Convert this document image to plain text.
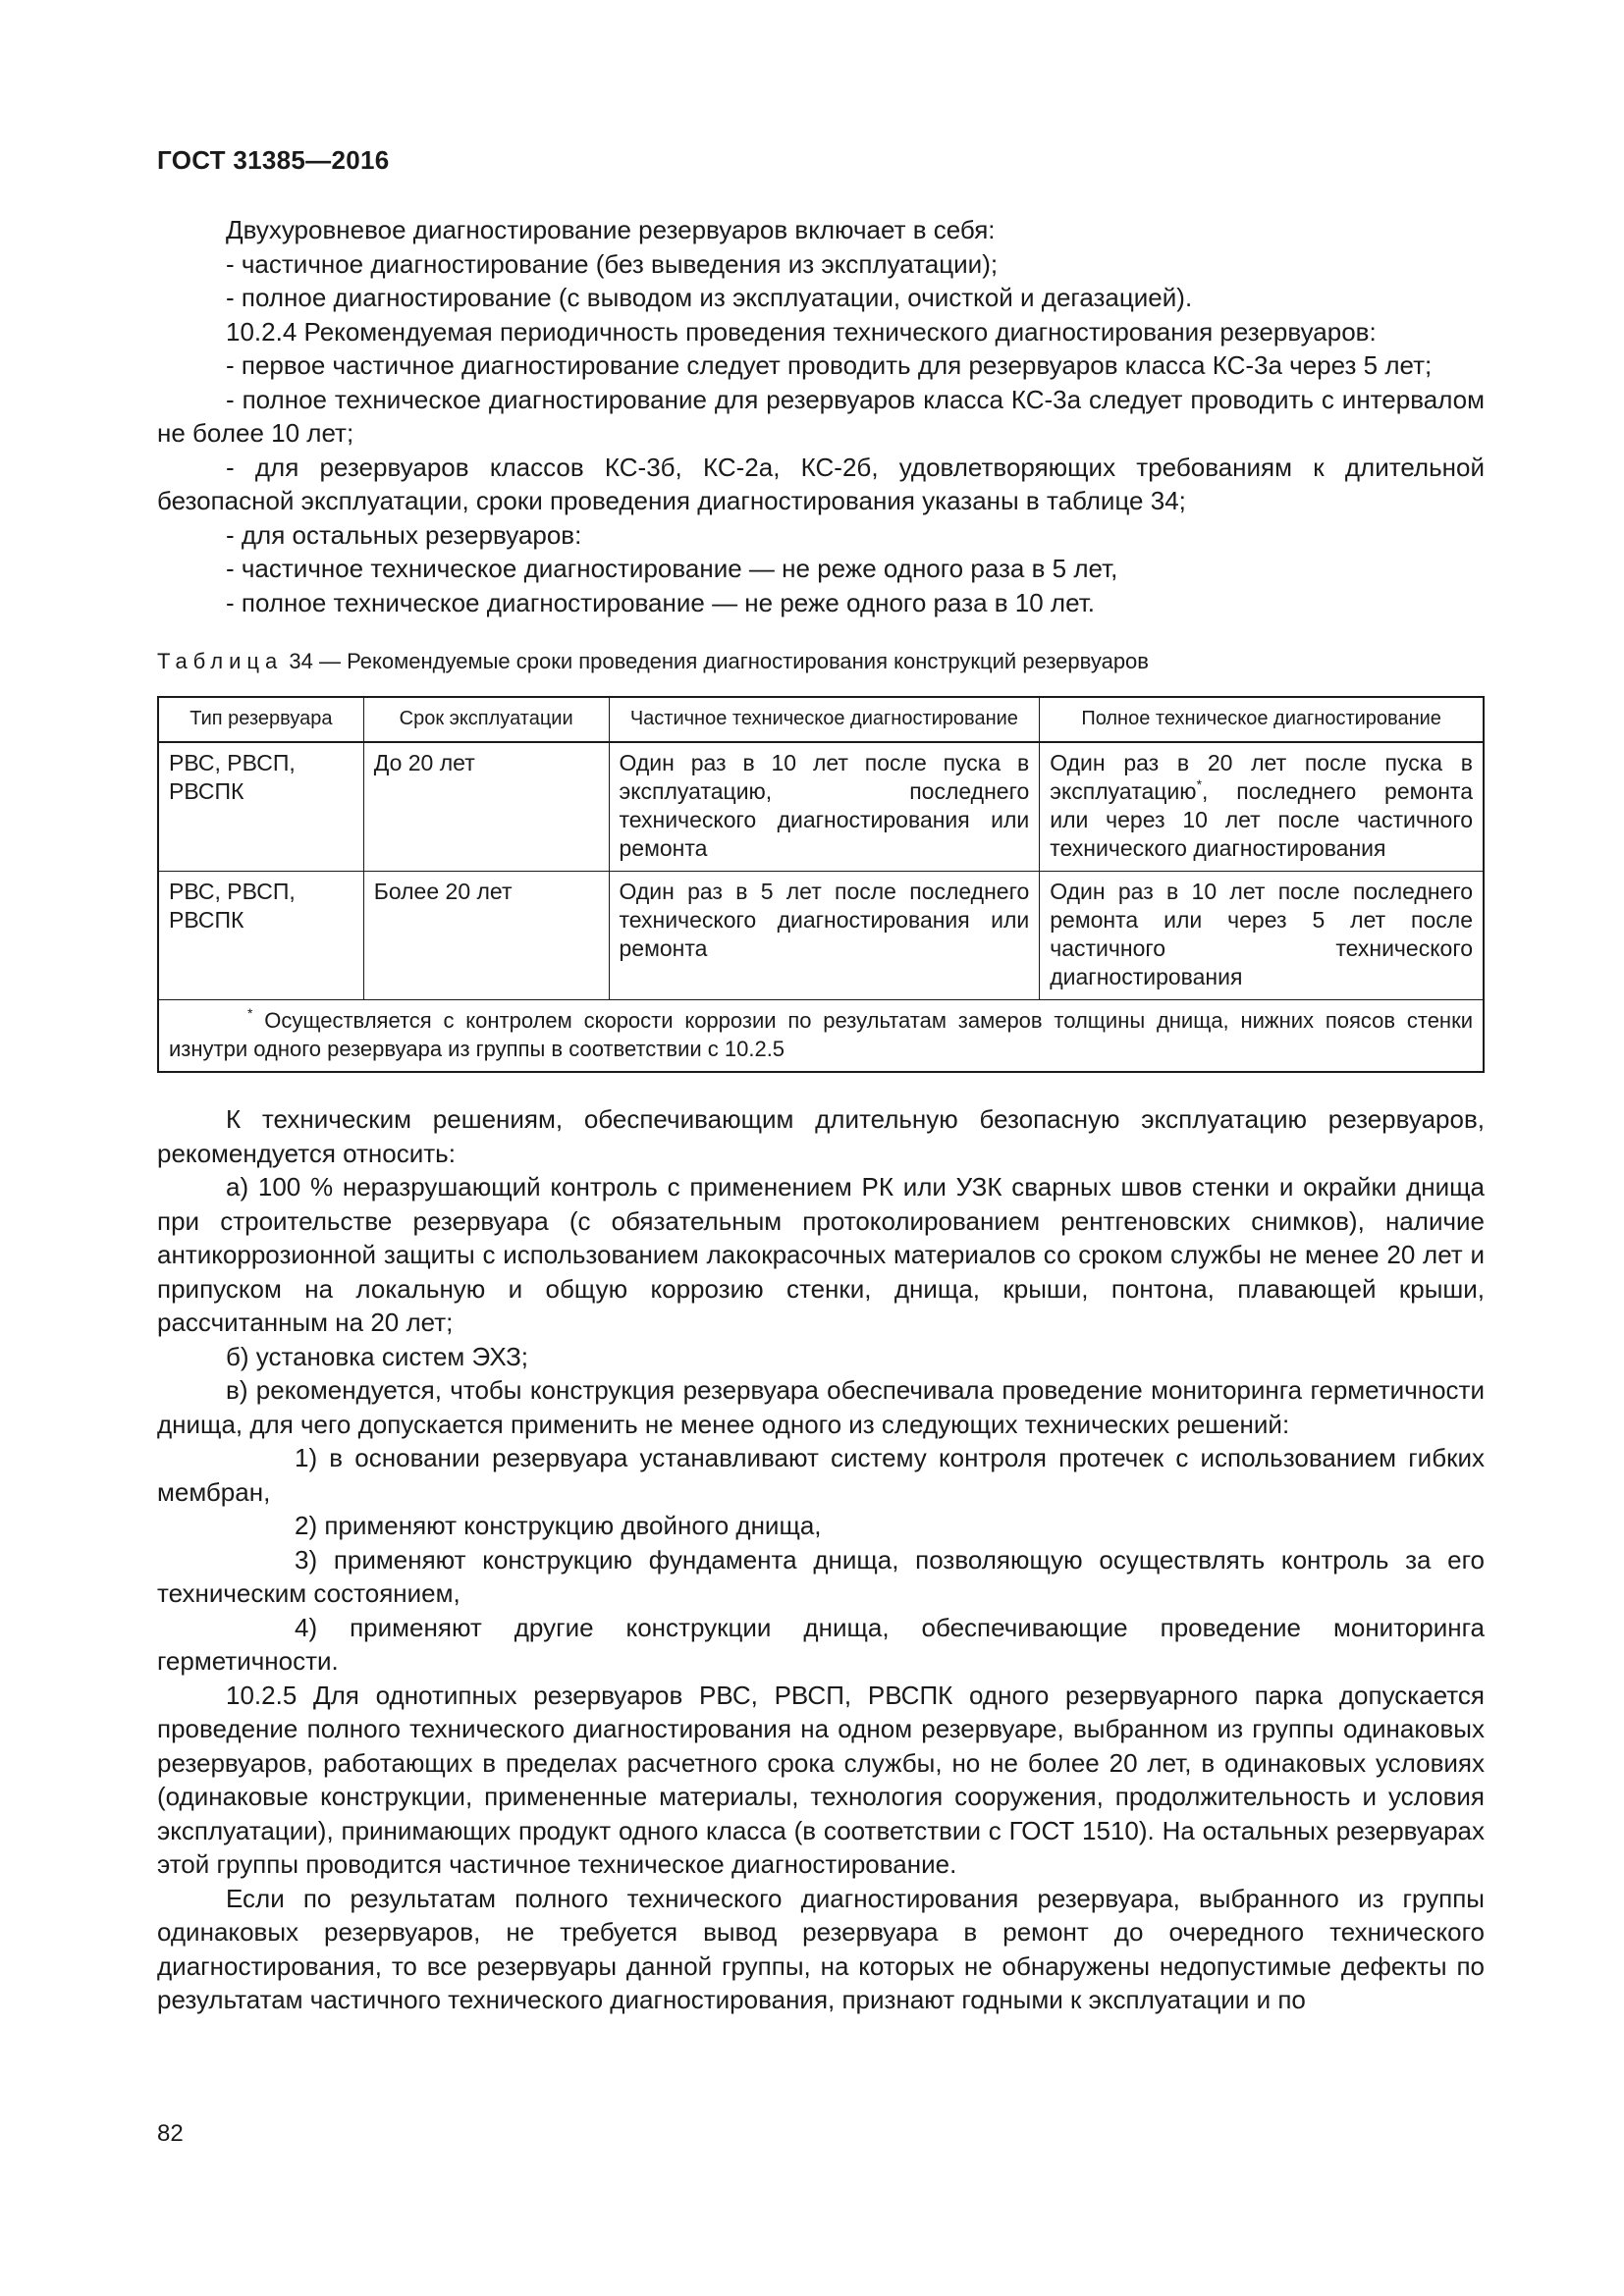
ГОСТ 31385—2016

Двухуровневое диагностирование резервуаров включает в себя:

- частичное диагностирование (без выведения из эксплуатации);

- полное диагностирование (с выводом из эксплуатации, очисткой и дегазацией).

10.2.4 Рекомендуемая периодичность проведения технического диагностирования резервуаров:

- первое частичное диагностирование следует проводить для резервуаров класса КС-3а через 5 лет;

- полное техническое диагностирование для резервуаров класса КС-3а следует проводить с интервалом не более 10 лет;

- для резервуаров классов КС-3б, КС-2а, КС-2б, удовлетворяющих требованиям к длительной безопасной эксплуатации, сроки проведения диагностирования указаны в таблице 34;

- для остальных резервуаров:

- частичное техническое диагностирование — не реже одного раза в 5 лет,

- полное техническое диагностирование — не реже одного раза в 10 лет.

Таблица 34 — Рекомендуемые сроки проведения диагностирования конструкций резервуаров
Тип резервуара	Срок эксплуатации	Частичное техническое диагностирование	Полное техническое диагностирование
РВС, РВСП, РВСПК	До 20 лет	Один раз в 10 лет после пуска в эксплуатацию, последнего технического диагностирования или ремонта	Один раз в 20 лет после пуска в эксплуатацию*, последнего ремонта или через 10 лет после частичного технического диагностирования
РВС, РВСП, РВСПК	Более 20 лет	Один раз в 5 лет после последнего технического диагностирования или ремонта	Один раз в 10 лет после последнего ремонта или через 5 лет после частичного технического диагностирования
* Осуществляется с контролем скорости коррозии по результатам замеров толщины днища, нижних поясов стенки изнутри одного резервуара из группы в соответствии с 10.2.5			

К техническим решениям, обеспечивающим длительную безопасную эксплуатацию резервуаров, рекомендуется относить:

а) 100 % неразрушающий контроль с применением РК или УЗК сварных швов стенки и окрайки днища при строительстве резервуара (с обязательным протоколированием рентгеновских снимков), наличие антикоррозионной защиты с использованием лакокрасочных материалов со сроком службы не менее 20 лет и припуском на локальную и общую коррозию стенки, днища, крыши, понтона, плавающей крыши, рассчитанным на 20 лет;

б) установка систем ЭХЗ;

в) рекомендуется, чтобы конструкция резервуара обеспечивала проведение мониторинга герметичности днища, для чего допускается применить не менее одного из следующих технических решений:

1) в основании резервуара устанавливают систему контроля протечек с использованием гибких мембран,

2) применяют конструкцию двойного днища,

3) применяют конструкцию фундамента днища, позволяющую осуществлять контроль за его техническим состоянием,

4) применяют другие конструкции днища, обеспечивающие проведение мониторинга герметичности.

10.2.5 Для однотипных резервуаров РВС, РВСП, РВСПК одного резервуарного парка допускается проведение полного технического диагностирования на одном резервуаре, выбранном из группы одинаковых резервуаров, работающих в пределах расчетного срока службы, но не более 20 лет, в одинаковых условиях (одинаковые конструкции, примененные материалы, технология сооружения, продолжительность и условия эксплуатации), принимающих продукт одного класса (в соответствии с ГОСТ 1510). На остальных резервуарах этой группы проводится частичное техническое диагностирование.

Если по результатам полного технического диагностирования резервуара, выбранного из группы одинаковых резервуаров, не требуется вывод резервуара в ремонт до очередного технического диагностирования, то все резервуары данной группы, на которых не обнаружены недопустимые дефекты по результатам частичного технического диагностирования, признают годными к эксплуатации и по

82
